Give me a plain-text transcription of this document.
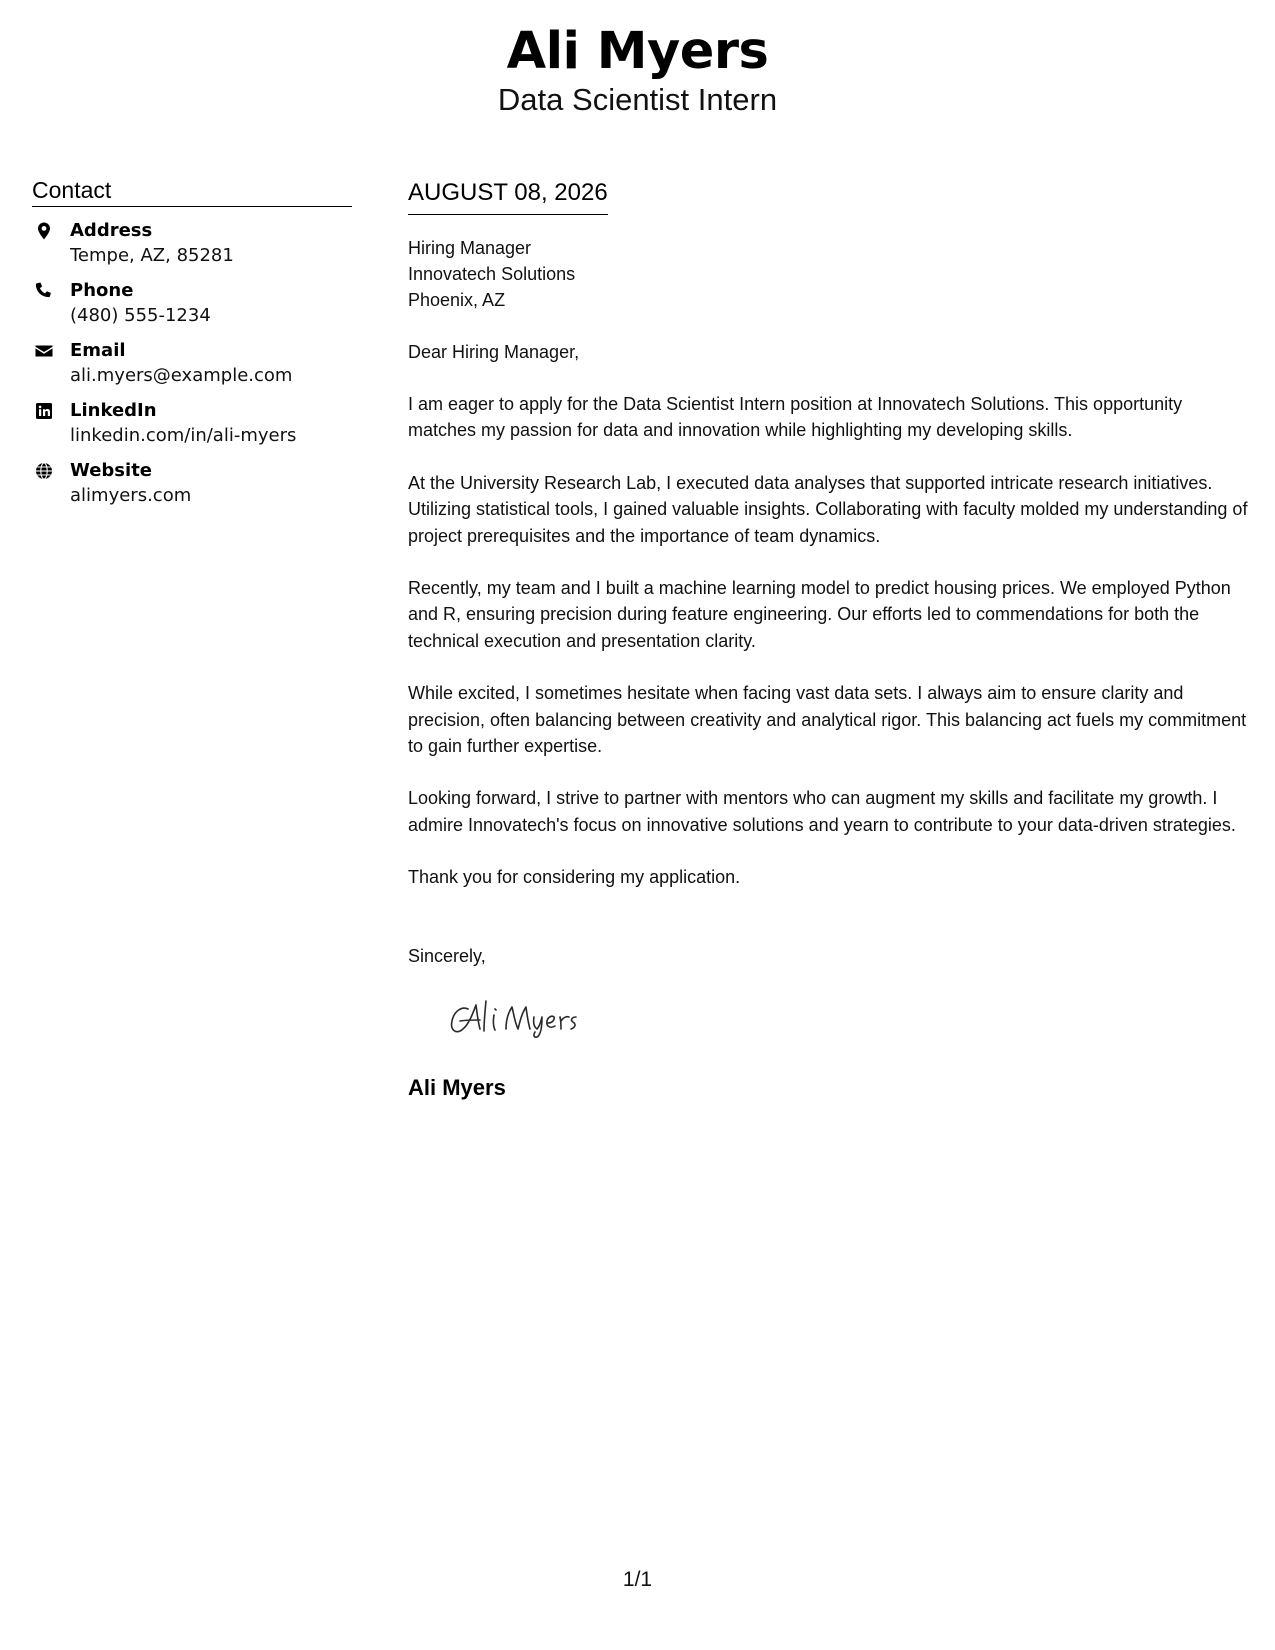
Ali Myers
Data Scientist Intern
Contact
Address
Tempe, AZ, 85281
Phone
(480) 555-1234
Email
ali.myers@example.com
LinkedIn
linkedin.com/in/ali-myers
Website
alimyers.com
AUGUST 08, 2026
Hiring Manager
Innovatech Solutions
Phoenix, AZ
Dear Hiring Manager,
I am eager to apply for the Data Scientist Intern position at Innovatech Solutions. This opportunity matches my passion for data and innovation while highlighting my developing skills.
At the University Research Lab, I executed data analyses that supported intricate research initiatives. Utilizing statistical tools, I gained valuable insights. Collaborating with faculty molded my understanding of project prerequisites and the importance of team dynamics.
Recently, my team and I built a machine learning model to predict housing prices. We employed Python and R, ensuring precision during feature engineering. Our efforts led to commendations for both the technical execution and presentation clarity.
While excited, I sometimes hesitate when facing vast data sets. I always aim to ensure clarity and precision, often balancing between creativity and analytical rigor. This balancing act fuels my commitment to gain further expertise.
Looking forward, I strive to partner with mentors who can augment my skills and facilitate my growth. I admire Innovatech's focus on innovative solutions and yearn to contribute to your data-driven strategies.
Thank you for considering my application.
Sincerely,
Ali Myers
1/1
